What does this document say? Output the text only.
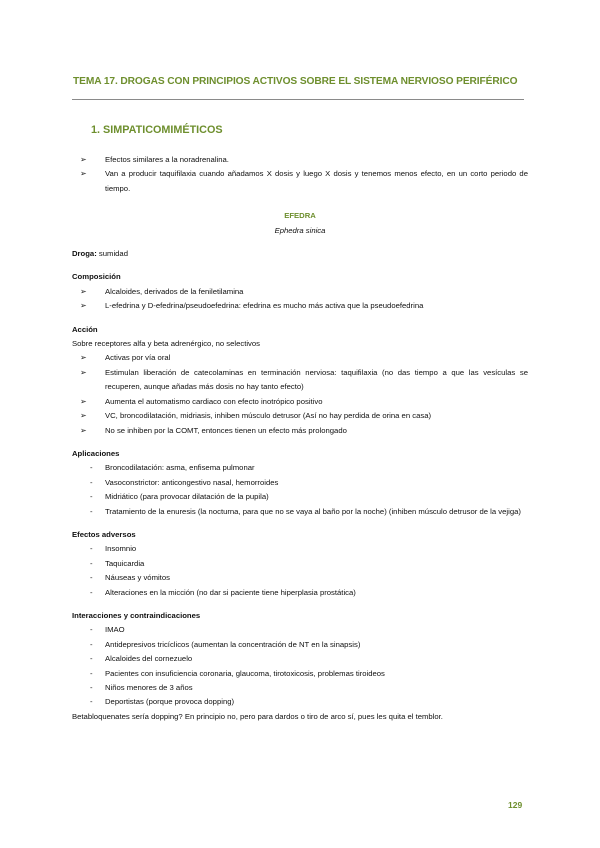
TEMA 17. DROGAS CON PRINCIPIOS ACTIVOS SOBRE EL SISTEMA NERVIOSO PERIFÉRICO
1. SIMPATICOMIMÉTICOS
➢ Efectos similares a la noradrenalina.
➢ Van a producir taquifilaxia cuando añadamos X dosis y luego X dosis y tenemos menos efecto, en un corto periodo de tiempo.
EFEDRA
Ephedra sinica
Droga: sumidad
Composición
➢ Alcaloides, derivados de la feniletilamina
➢ L-efedrina y D-efedrina/pseudoefedrina: efedrina es mucho más activa que la pseudoefedrina
Acción
Sobre receptores alfa y beta adrenérgico, no selectivos
➢ Activas por vía oral
➢ Estimulan liberación de catecolaminas en terminación nerviosa: taquifilaxia (no das tiempo a que las vesículas se recuperen, aunque añadas más dosis no hay tanto efecto)
➢ Aumenta el automatismo cardiaco con efecto inotrópico positivo
➢ VC, broncodilatación, midriasis, inhiben músculo detrusor (Así no hay perdida de orina en casa)
➢ No se inhiben por la COMT, entonces tienen un efecto más prolongado
Aplicaciones
- Broncodilatación: asma, enfisema pulmonar
- Vasoconstrictor: anticongestivo nasal, hemorroides
- Midriático (para provocar dilatación de la pupila)
- Tratamiento de la enuresis (la nocturna, para que no se vaya al baño por la noche) (inhiben músculo detrusor de la vejiga)
Efectos adversos
- Insomnio
- Taquicardia
- Náuseas y vómitos
- Alteraciones en la micción (no dar si paciente tiene hiperplasia prostática)
Interacciones y contraindicaciones
- IMAO
- Antidepresivos tricíclicos (aumentan la concentración de NT en la sinapsis)
- Alcaloides del cornezuelo
- Pacientes con insuficiencia coronaria, glaucoma, tirotoxicosis, problemas tiroideos
- Niños menores de 3 años
- Deportistas (porque provoca dopping)
Betabloquenates sería dopping? En principio no, pero para dardos o tiro de arco sí, pues les quita el temblor.
129
